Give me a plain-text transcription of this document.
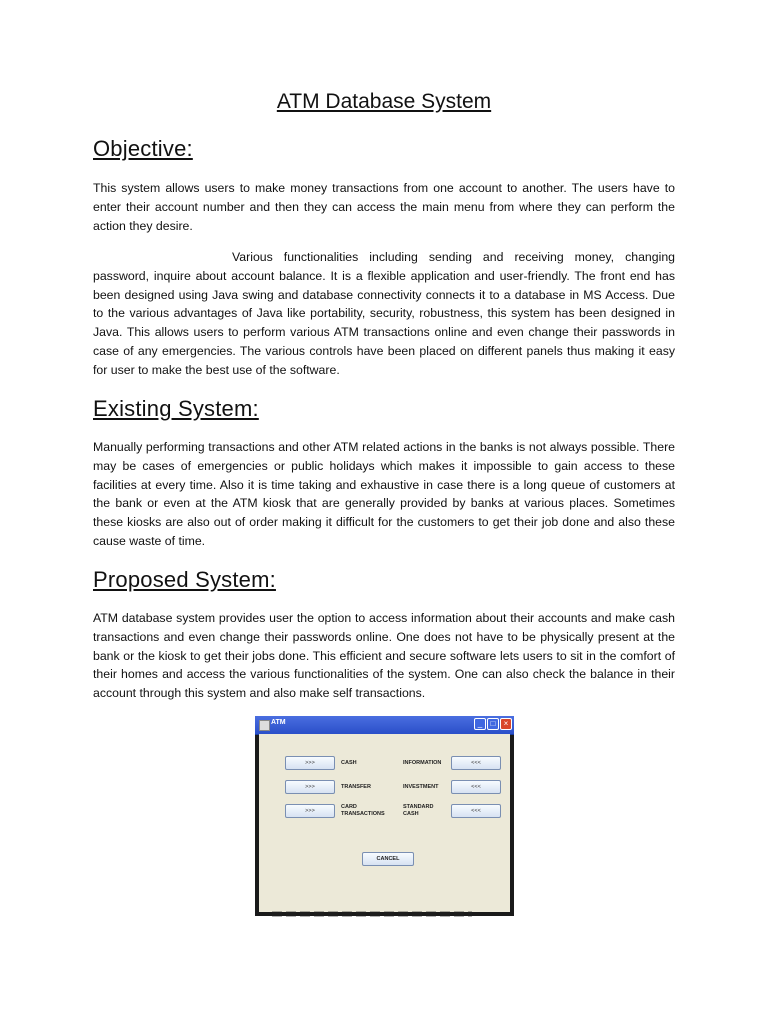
ATM Database System
Objective:

This system allows users to make money transactions from one account to another. The users have to enter their account number and then they can access the main menu from where they can perform the action they desire.

Various functionalities including sending and receiving money, changing password, inquire about account balance. It is a flexible application and user-friendly. The front end has been designed using Java swing and database connectivity connects it to a database in MS Access. Due to the various advantages of Java like portability, security, robustness, this system has been designed in Java. This allows users to perform various ATM transactions online and even change their passwords in case of any emergencies. The various controls have been placed on different panels thus making it easy for user to make the best use of the software.

Existing System:

Manually performing transactions and other ATM related actions in the banks is not always possible. There may be cases of emergencies or public holidays which makes it impossible to gain access to these facilities at every time. Also it is time taking and exhaustive in case there is a long queue of customers at the bank or even at the ATM kiosk that are generally provided by banks at various places. Sometimes these kiosks are also out of order making it difficult for the customers to get their job done and also these cause waste of time.

Proposed System:

ATM database system provides user the option to access information about their accounts and make cash transactions and even change their passwords online. One does not have to be physically present at the bank or the kiosk to get their jobs done. This efficient and secure software lets users to sit in the comfort of their homes and access the various functionalities of the system. One can also check the balance in their account through this system and also make self transactions.

ATM	_	□	×
>>>	CASH	INFORMATION	<<<
>>>	TRANSFER	INVESTMENT	<<<
>>>
CARD
TRANSACTIONS
STANDARD
CASH	<<<
CANCEL
